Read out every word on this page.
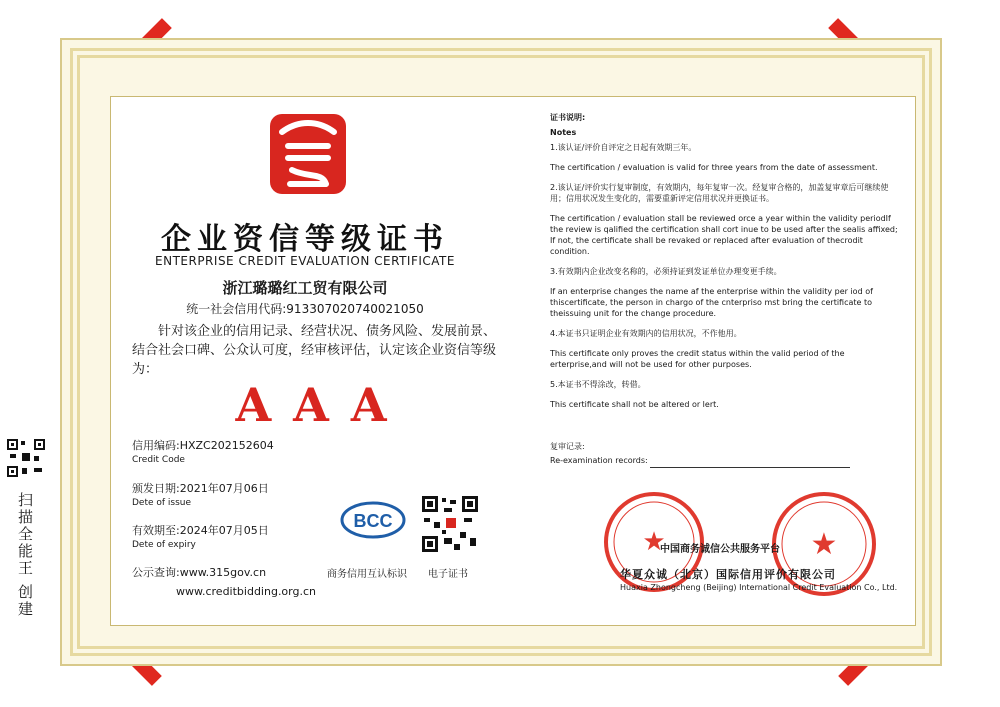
企业资信等级证书
ENTERPRISE CREDIT EVALUATION CERTIFICATE
浙江璐璐红工贸有限公司
统一社会信用代码:913307020740021050
针对该企业的信用记录、经营状况、债务风险、发展前景、结合社会口碑、公众认可度，经审核评估，认定该企业资信等级为：
AAA
信用编码:HXZC202152604
Credit Code
颁发日期:2021年07月06日
Dete of issue
有效期至:2024年07月05日
Dete of expiry
公示查询:www.315gov.cn
www.creditbidding.org.cn
BCC
商务信用互认标识 电子证书

证书说明:

Notes

1.该认证/评价自评定之日起有效期三年。

The certification / evaluation is valid for three years from the date of assessment.

2.该认证/评价实行复审制度，有效期内，每年复审一次。经复审合格的，加盖复审章后可继续使用；信用状况发生变化的，需要重新评定信用状况并更换证书。

The certification / evaluation stall be reviewed orce a year within the validity periodIf the review is qalified the certification shall cort inue to be used after the sealis affixed; If not, the certificate shall be revaked or replaced after evaluation of thecrodit condition.

3.有效期内企业改变名称的，必须持证到发证单位办理变更手续。

If an enterprise changes the name af the enterprise within the validity per iod of thiscertificate, the person in chargo of the cnterpriso mst bring the certificate to theissuing unit for the change procedure.

4.本证书只证明企业有效期内的信用状况，不作他用。

This certificate only proves the credit status within the valid period of the erterprise,and will not be used for other purposes.

5.本证书不得涂改，转借。

This certificate shall not be altered or lert.

复审记录:
Re-examination records:
★	★
中国商务诚信公共服务平台
华夏众诚（北京）国际信用评价有限公司
Huaxia Zhongcheng (Beijing) International Credit Evaluation Co., Ltd.
扫描全能王 创建
